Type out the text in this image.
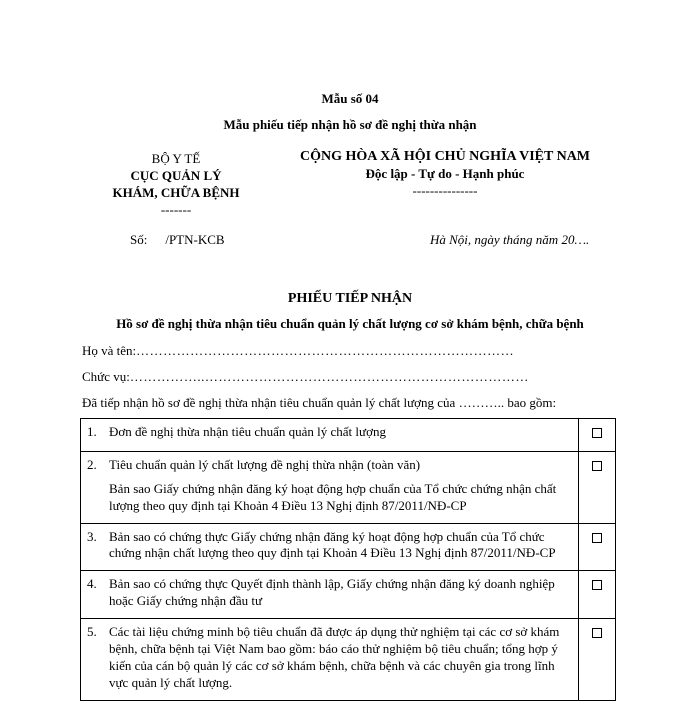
Mẫu số 04
Mẫu phiếu tiếp nhận hồ sơ đề nghị thừa nhận
BỘ Y TẾ
CỤC QUẢN LÝ
KHÁM, CHỮA BỆNH
-------
CỘNG HÒA XÃ HỘI CHỦ NGHĨA VIỆT NAM
Độc lập - Tự do - Hạnh phúc
---------------
Số: /PTN-KCB	Hà Nội, ngày tháng năm 20….
PHIẾU TIẾP NHẬN
Hồ sơ đề nghị thừa nhận tiêu chuẩn quản lý chất lượng cơ sở khám bệnh, chữa bệnh
Họ và tên:…………………………………………………………………………
Chức vụ:……………..………………………………………………………………
Đã tiếp nhận hồ sơ đề nghị thừa nhận tiêu chuẩn quản lý chất lượng của ……….. bao gồm:
1.	Đơn đề nghị thừa nhận tiêu chuẩn quản lý chất lượng	

2.	Tiêu chuẩn quản lý chất lượng đề nghị thừa nhận (toàn văn)

Bản sao Giấy chứng nhận đăng ký hoạt động hợp chuẩn của Tổ chức chứng nhận chất lượng theo quy định tại Khoản 4 Điều 13 Nghị định 87/2011/NĐ-CP	

3.	Bản sao có chứng thực Giấy chứng nhận đăng ký hoạt động hợp chuẩn của Tổ chức chứng nhận chất lượng theo quy định tại Khoản 4 Điều 13 Nghị định 87/2011/NĐ-CP	

4.	Bản sao có chứng thực Quyết định thành lập, Giấy chứng nhận đăng ký doanh nghiệp hoặc Giấy chứng nhận đầu tư	

5.	Các tài liệu chứng minh bộ tiêu chuẩn đã được áp dụng thử nghiệm tại các cơ sở khám bệnh, chữa bệnh tại Việt Nam bao gồm: báo cáo thử nghiệm bộ tiêu chuẩn; tổng hợp ý kiến của cán bộ quản lý các cơ sở khám bệnh, chữa bệnh và các chuyên gia trong lĩnh vực quản lý chất lượng.	
